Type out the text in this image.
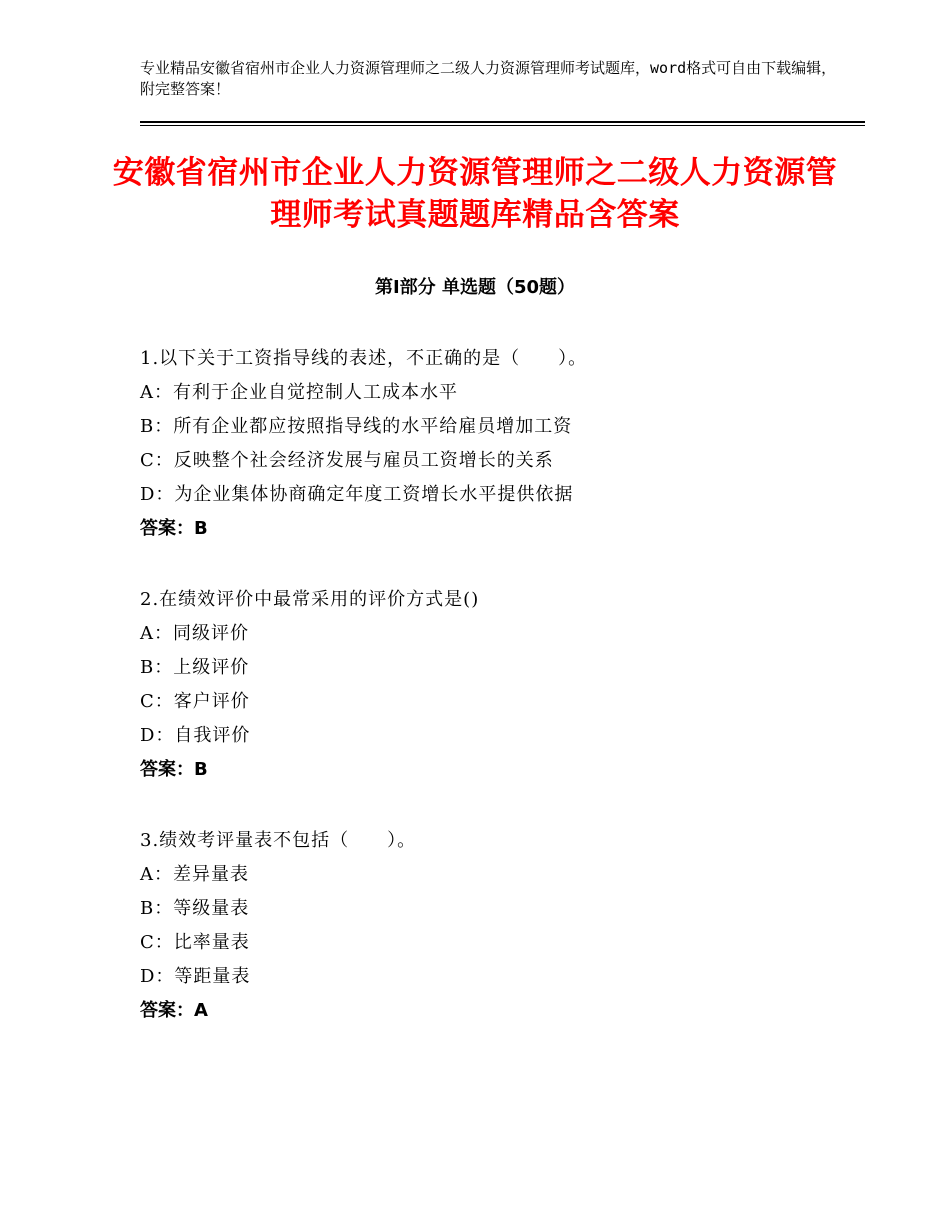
专业精品安徽省宿州市企业人力资源管理师之二级人力资源管理师考试题库，word格式可自由下载编辑，附完整答案！
安徽省宿州市企业人力资源管理师之二级人力资源管理师考试真题题库精品含答案
第Ⅰ部分 单选题（50题）
1.以下关于工资指导线的表述，不正确的是（　　）。
A：有利于企业自觉控制人工成本水平
B：所有企业都应按照指导线的水平给雇员增加工资
C：反映整个社会经济发展与雇员工资增长的关系
D：为企业集体协商确定年度工资增长水平提供依据
答案：B
2.在绩效评价中最常采用的评价方式是()
A：同级评价
B：上级评价
C：客户评价
D：自我评价
答案：B
3.绩效考评量表不包括（　　）。
A：差异量表
B：等级量表
C：比率量表
D：等距量表
答案：A
